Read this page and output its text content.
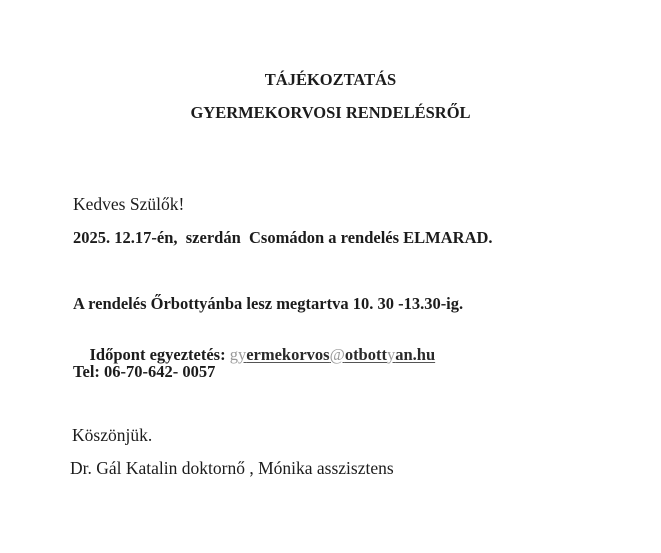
TÁJÉKOZTATÁS
GYERMEKORVOSI RENDELÉSRŐL
Kedves Szülők!
2025. 12.17-én,  szerdán  Csomádon a rendelés ELMARAD.
A rendelés Őrbottyánba lesz megtartva 10. 30 -13.30-ig.

Időpont egyeztetés: gyermekorvos@otbottyan.hu

Tel: 06-70-642- 0057
Köszönjük.
Dr. Gál Katalin doktornő , Mónika asszisztens
